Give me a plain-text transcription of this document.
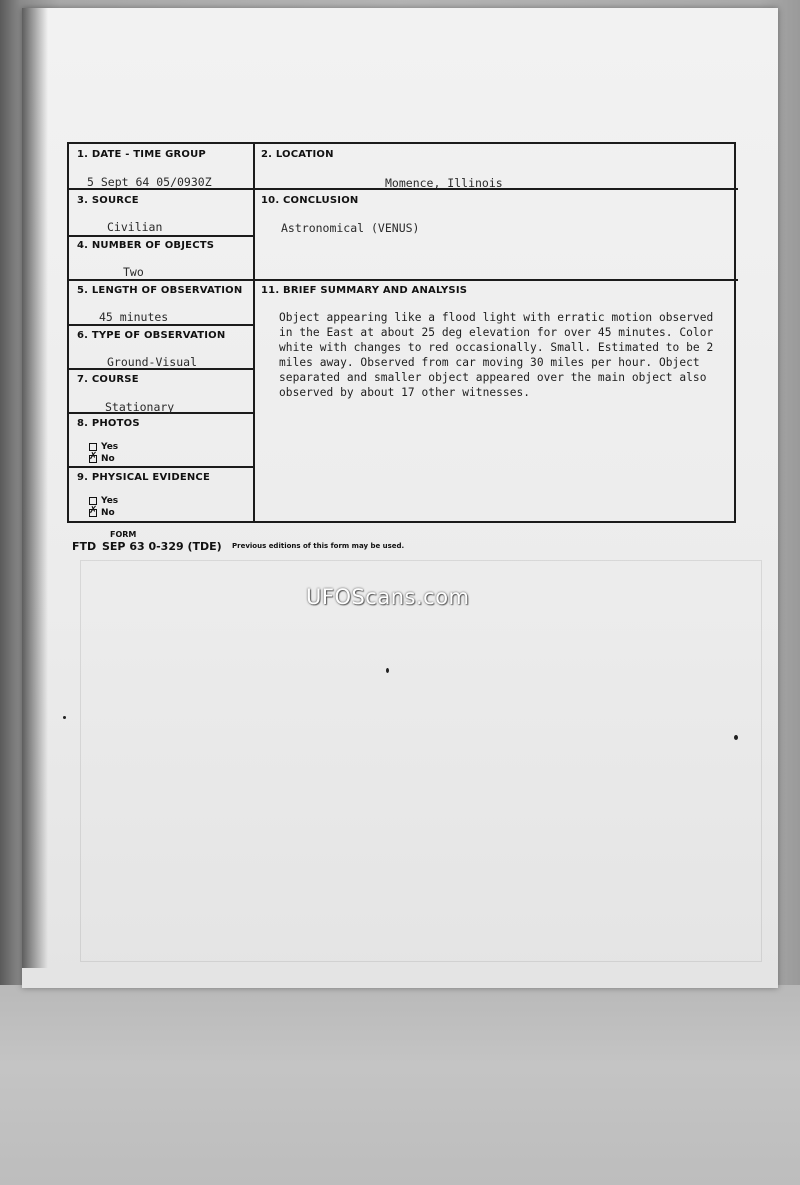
1. DATE - TIME GROUP
5 Sept 64 05/0930Z
2. LOCATION
Momence, Illinois
3. SOURCE
Civilian
10. CONCLUSION
Astronomical (VENUS)
4. NUMBER OF OBJECTS
Two
5. LENGTH OF OBSERVATION
45 minutes
11. BRIEF SUMMARY AND ANALYSIS
Object appearing like a flood light with erratic motion observed in the East at about 25 deg elevation for over 45 minutes. Color white with changes to red occasionally. Small. Estimated to be 2 miles away. Observed from car moving 30 miles per hour. Object separated and smaller object appeared over the main object also observed by about 17 other witnesses.
6. TYPE OF OBSERVATION
Ground-Visual
7. COURSE
Stationary
8. PHOTOS
Yes
✗No
9. PHYSICAL EVIDENCE
Yes
✗No
FORM
FTD SEP 63 0-329 (TDE) Previous editions of this form may be used.
UFOScans.com
